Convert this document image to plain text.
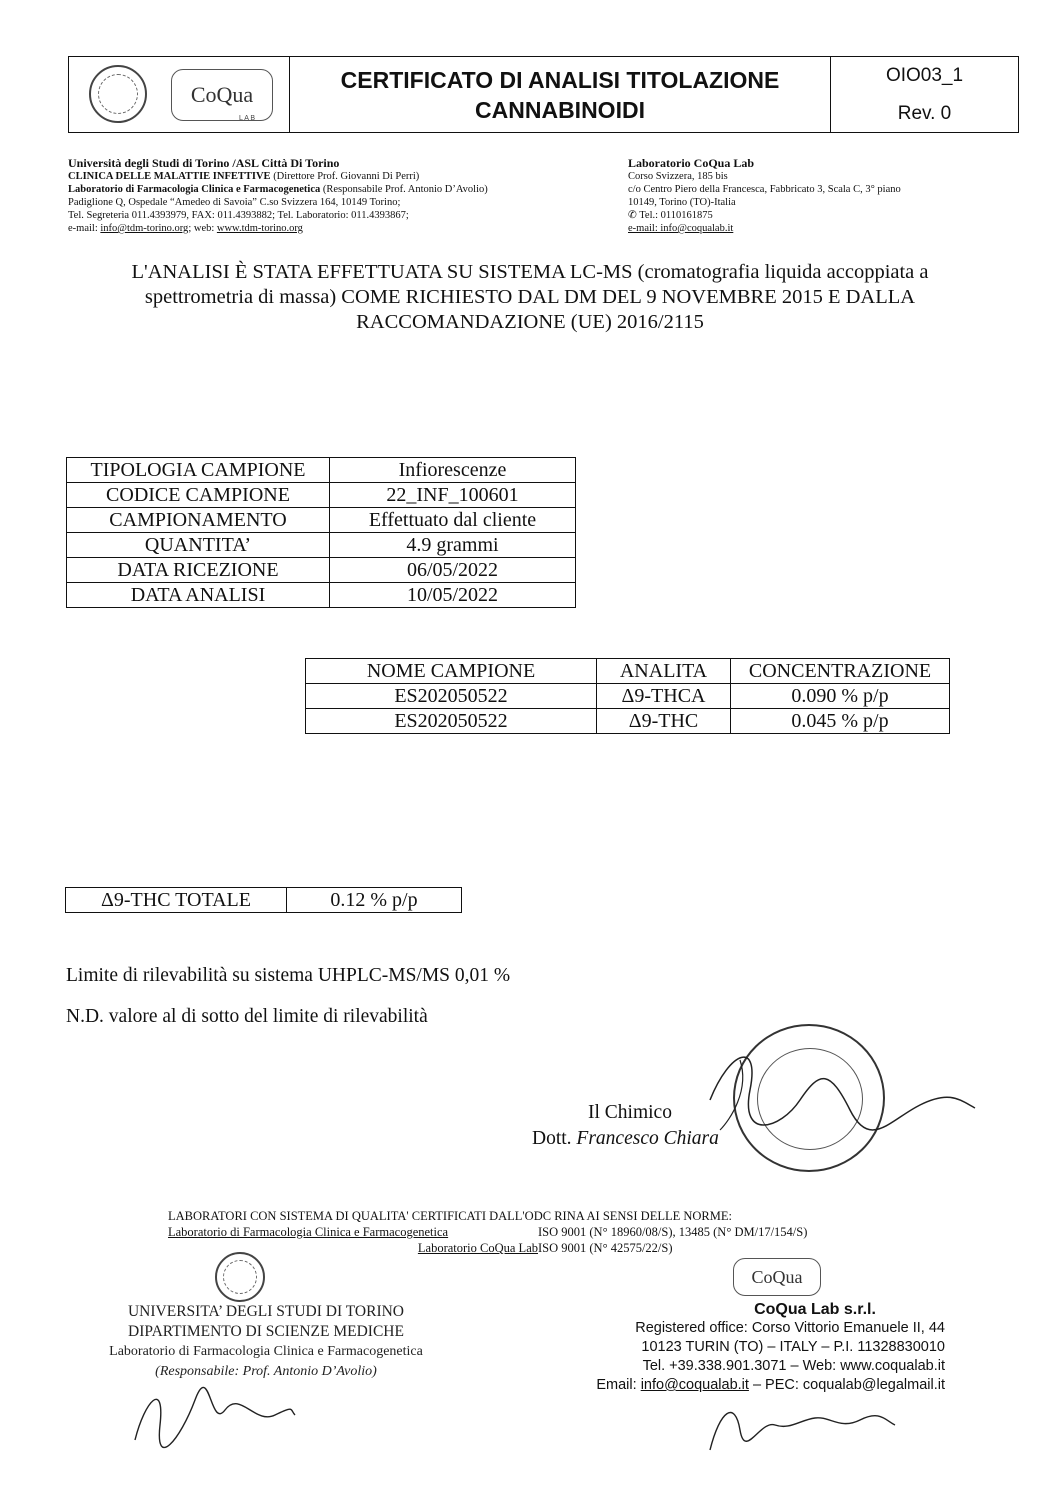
CoQua
L A B
CERTIFICATO DI ANALISI TITOLAZIONE
CANNABINOIDI
OIO03_1
Rev. 0
Università degli Studi di Torino /ASL Città Di Torino
CLINICA DELLE MALATTIE INFETTIVE (Direttore Prof. Giovanni Di Perri)
Laboratorio di Farmacologia Clinica e Farmacogenetica (Responsabile Prof. Antonio D’Avolio)
Padiglione Q, Ospedale “Amedeo di Savoia” C.so Svizzera 164, 10149 Torino;
Tel. Segreteria 011.4393979, FAX: 011.4393882; Tel. Laboratorio: 011.4393867;
e-mail: info@tdm-torino.org; web: www.tdm-torino.org
Laboratorio CoQua Lab
Corso Svizzera, 185 bis
c/o Centro Piero della Francesca, Fabbricato 3, Scala C, 3° piano
10149, Torino (TO)-Italia
✆ Tel.: 0110161875
e-mail: info@coqualab.it
L'ANALISI È STATA EFFETTUATA SU SISTEMA LC-MS (cromatografia liquida accoppiata a
spettrometria di massa) COME RICHIESTO DAL DM DEL 9 NOVEMBRE 2015 E DALLA
RACCOMANDAZIONE (UE) 2016/2115
TIPOLOGIA CAMPIONE	Infiorescenze
CODICE CAMPIONE	22_INF_100601
CAMPIONAMENTO	Effettuato dal cliente
QUANTITA’	4.9 grammi
DATA RICEZIONE	06/05/2022
DATA ANALISI	10/05/2022
NOME CAMPIONE	ANALITA	CONCENTRAZIONE
ES202050522	Δ9-THCA	0.090 % p/p
ES202050522	Δ9-THC	0.045 % p/p
Δ9-THC TOTALE	0.12 % p/p
Limite di rilevabilità su sistema UHPLC-MS/MS 0,01 %
N.D. valore al di sotto del limite di rilevabilità
Il Chimico
Dott. Francesco Chiara
LABORATORI CON SISTEMA DI QUALITA' CERTIFICATI DALL'ODC RINA AI SENSI DELLE NORME:
Laboratorio di Farmacologia Clinica e Farmacogenetica	ISO 9001 (N° 18960/08/S), 13485 (N° DM/17/154/S)
Laboratorio CoQua Lab ISO 9001 (N° 42575/22/S)
CoQua
UNIVERSITA’ DEGLI STUDI DI TORINO
DIPARTIMENTO DI SCIENZE MEDICHE
Laboratorio di Farmacologia Clinica e Farmacogenetica
(Responsabile: Prof. Antonio D’Avolio)
CoQua Lab s.r.l.
Registered office: Corso Vittorio Emanuele II, 44
10123 TURIN (TO) – ITALY – P.I. 11328830010
Tel. +39.338.901.3071 – Web: www.coqualab.it
Email: info@coqualab.it – PEC: coqualab@legalmail.it
